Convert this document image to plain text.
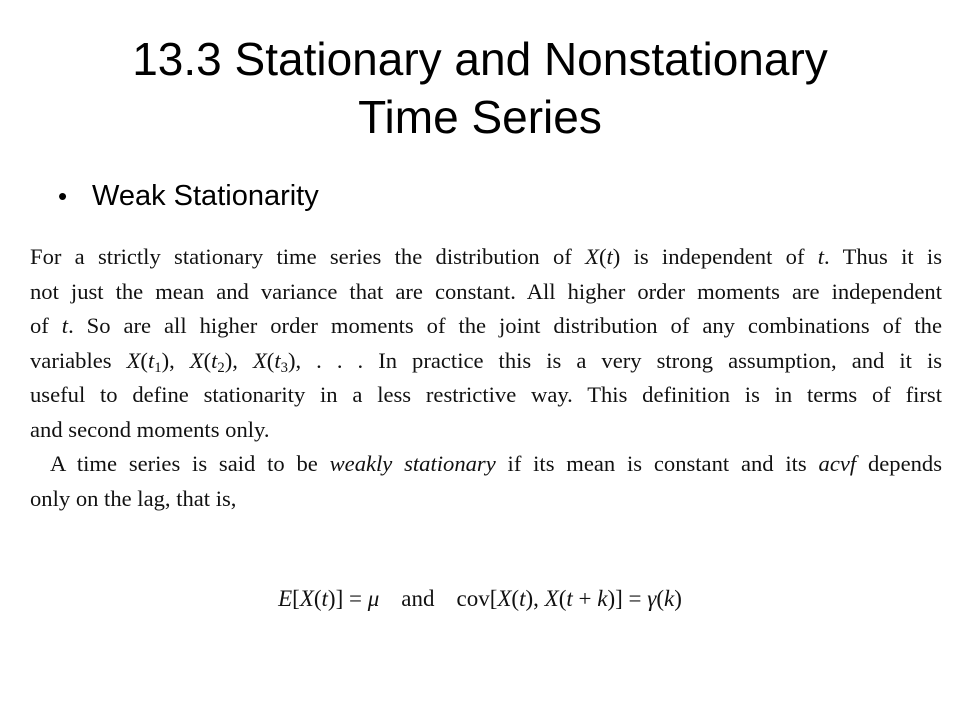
13.3 Stationary and Nonstationary
Time Series
• Weak Stationarity
For a strictly stationary time series the distribution of X(t) is independent of t. Thus it is
not just the mean and variance that are constant. All higher order moments are independent
of t. So are all higher order moments of the joint distribution of any combinations of the
variables $X(t_1)$, $X(t_2)$, $X(t_3)$, . . . In practice this is a very strong assumption, and it is
useful to define stationarity in a less restrictive way. This definition is in terms of first
and second moments only.
A time series is said to be weakly stationary if its mean is constant and its acvf depends
only on the lag, that is,
E[X(t)] = μ and cov[X(t), X(t + k)] = γ(k)
